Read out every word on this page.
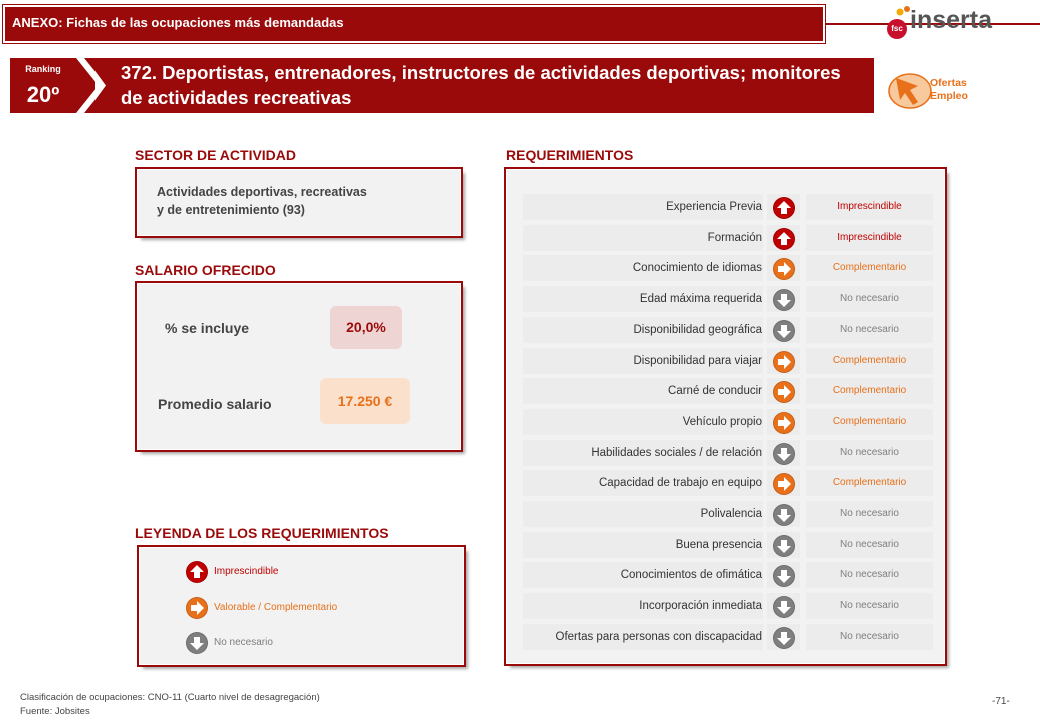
ANEXO: Fichas de las ocupaciones más demandadas	fsc inserta
Ranking
20º
372. Deportistas, entrenadores, instructores de actividades deportivas; monitores de actividades recreativas
Ofertas
Empleo
SECTOR DE ACTIVIDAD
Actividades deportivas, recreativas
y de entretenimiento (93)
SALARIO OFRECIDO
% se incluye	20,0%
Promedio salario	17.250 €
LEYENDA DE LOS REQUERIMIENTOS
Imprescindible
Valorable / Complementario
No necesario
REQUERIMIENTOS
Experiencia Previa	Imprescindible
Formación	Imprescindible
Conocimiento de idiomas	Complementario
Edad máxima requerida	No necesario
Disponibilidad geográfica	No necesario
Disponibilidad para viajar	Complementario
Carné de conducir	Complementario
Vehículo propio	Complementario
Habilidades sociales / de relación	No necesario
Capacidad de trabajo en equipo	Complementario
Polivalencia	No necesario
Buena presencia	No necesario
Conocimientos de ofimática	No necesario
Incorporación inmediata	No necesario
Ofertas para personas con discapacidad	No necesario
Clasificación de ocupaciones: CNO-11 (Cuarto nivel de desagregación)
Fuente: Jobsites
-71-
